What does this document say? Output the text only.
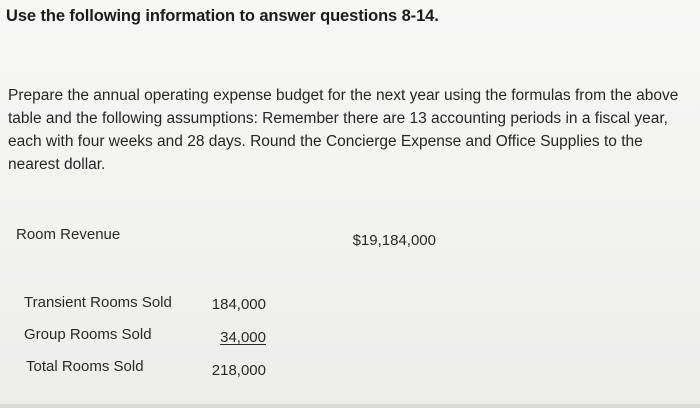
Use the following information to answer questions 8-14.

Prepare the annual operating expense budget for the next year using the formulas from the above table and the following assumptions: Remember there are 13 accounting periods in a fiscal year, each with four weeks and 28 days. Round the Concierge Expense and Office Supplies to the nearest dollar.

Room Revenue	$19,184,000
Transient Rooms Sold	184,000
Group Rooms Sold	34,000
Total Rooms Sold	218,000
